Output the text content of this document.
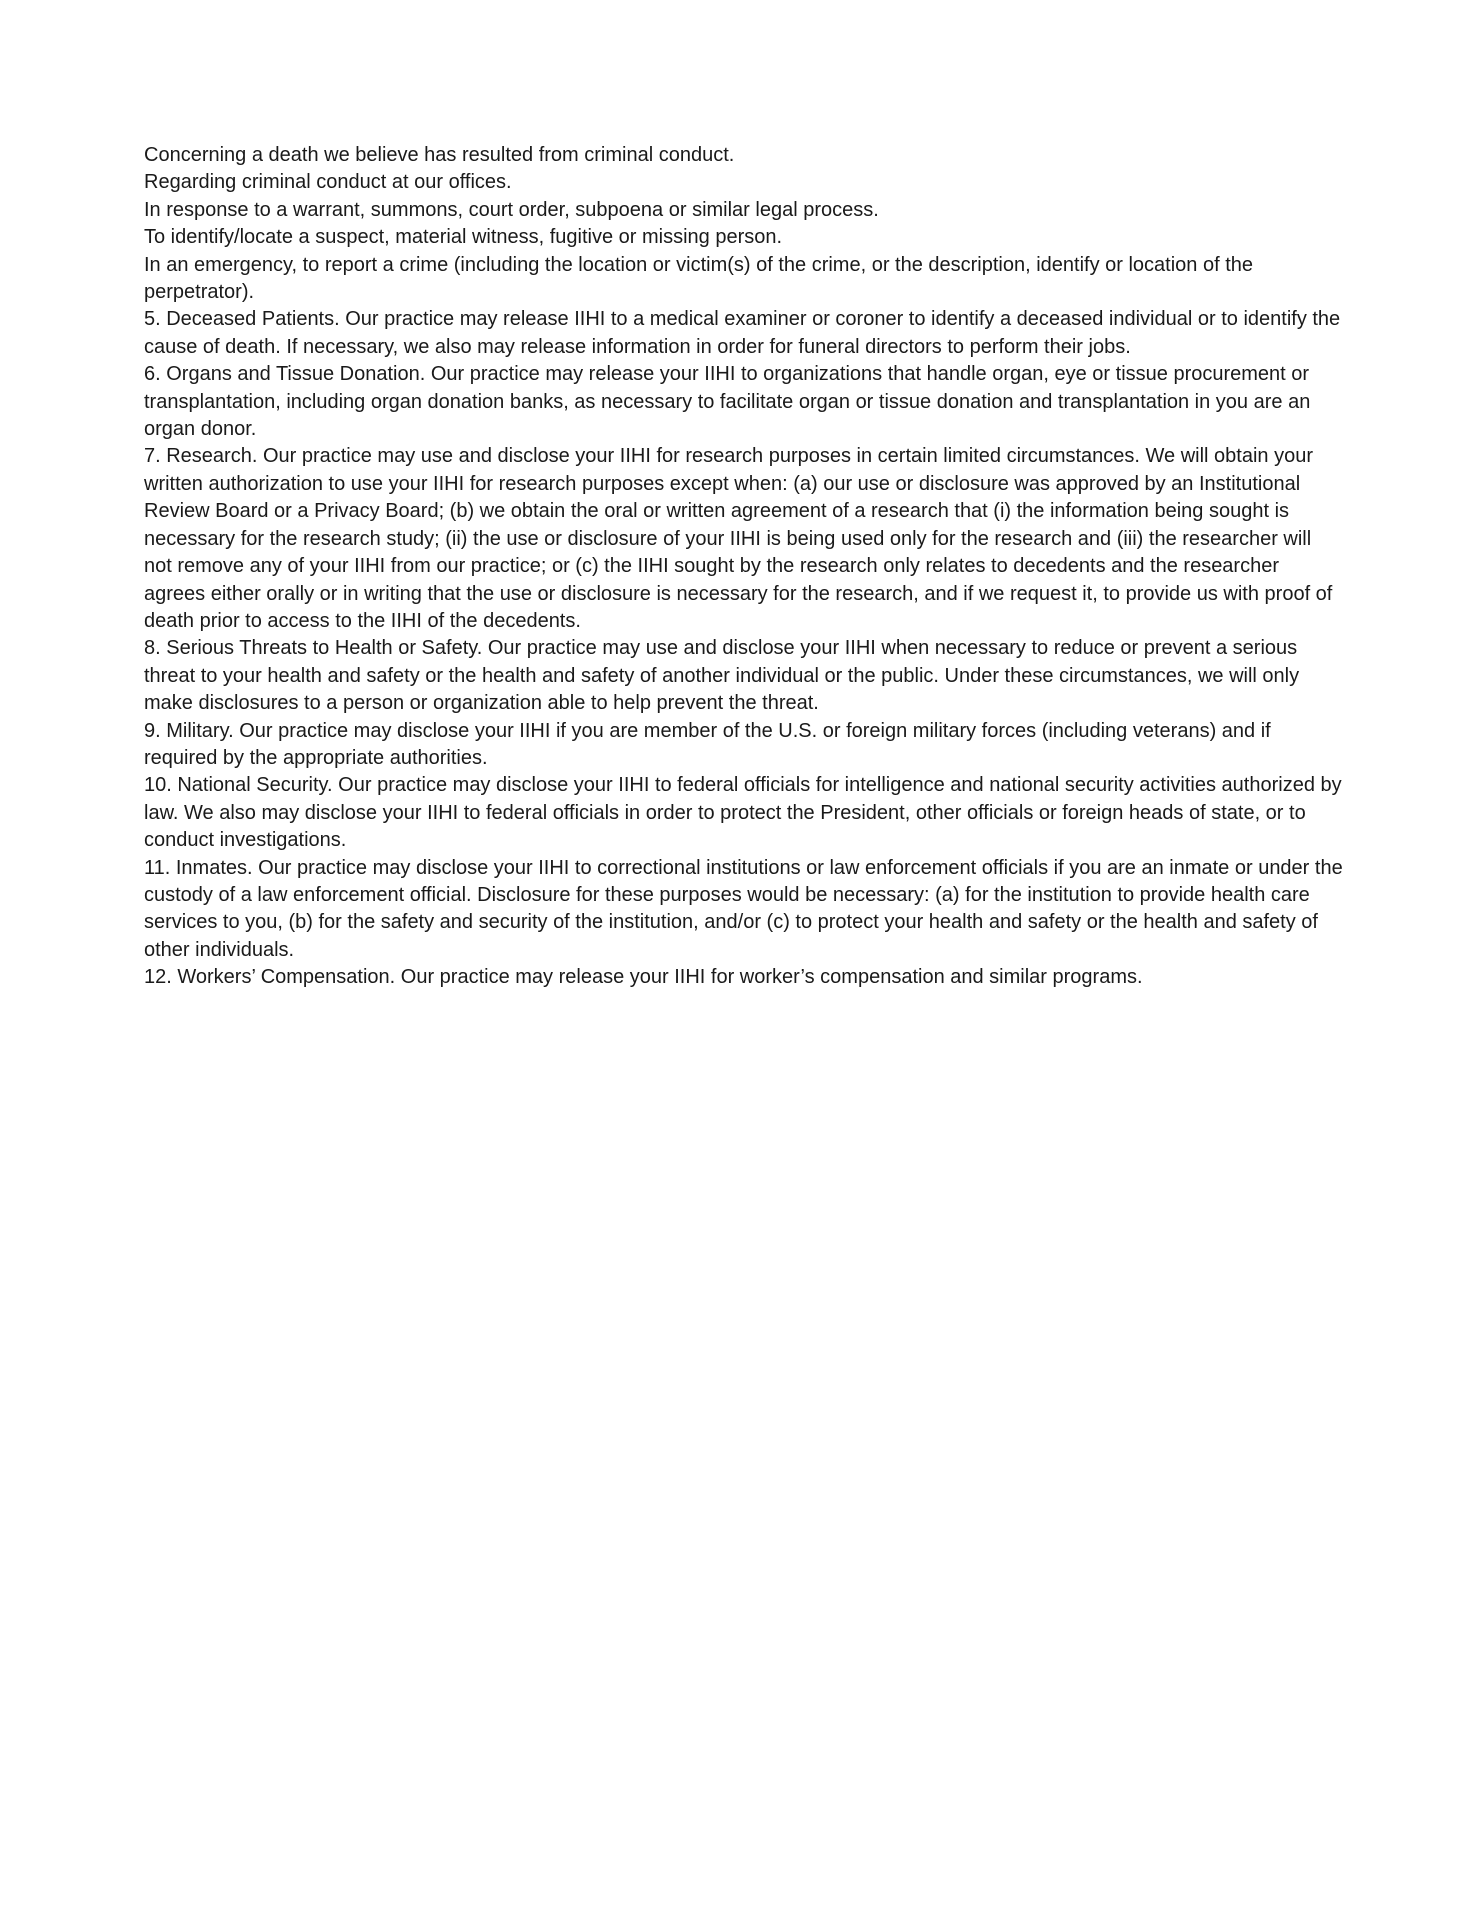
Concerning a death we believe has resulted from criminal conduct.

Regarding criminal conduct at our offices.

In response to a warrant, summons, court order, subpoena or similar legal process.

To identify/locate a suspect, material witness, fugitive or missing person.

In an emergency, to report a crime (including the location or victim(s) of the crime, or the description, identify or location of the perpetrator).

5. Deceased Patients. Our practice may release IIHI to a medical examiner or coroner to identify a deceased individual or to identify the cause of death. If necessary, we also may release information in order for funeral directors to perform their jobs.

6. Organs and Tissue Donation. Our practice may release your IIHI to organizations that handle organ, eye or tissue procurement or transplantation, including organ donation banks, as necessary to facilitate organ or tissue donation and transplantation in you are an organ donor.

7. Research. Our practice may use and disclose your IIHI for research purposes in certain limited circumstances. We will obtain your written authorization to use your IIHI for research purposes except when: (a) our use or disclosure was approved by an Institutional Review Board or a Privacy Board; (b) we obtain the oral or written agreement of a research that (i) the information being sought is necessary for the research study; (ii) the use or disclosure of your IIHI is being used only for the research and (iii) the researcher will not remove any of your IIHI from our practice; or (c) the IIHI sought by the research only relates to decedents and the researcher agrees either orally or in writing that the use or disclosure is necessary for the research, and if we request it, to provide us with proof of death prior to access to the IIHI of the decedents.

8. Serious Threats to Health or Safety. Our practice may use and disclose your IIHI when necessary to reduce or prevent a serious threat to your health and safety or the health and safety of another individual or the public. Under these circumstances, we will only make disclosures to a person or organization able to help prevent the threat.

9. Military. Our practice may disclose your IIHI if you are member of the U.S. or foreign military forces (including veterans) and if required by the appropriate authorities.

10. National Security. Our practice may disclose your IIHI to federal officials for intelligence and national security activities authorized by law. We also may disclose your IIHI to federal officials in order to protect the President, other officials or foreign heads of state, or to conduct investigations.

11. Inmates. Our practice may disclose your IIHI to correctional institutions or law enforcement officials if you are an inmate or under the custody of a law enforcement official. Disclosure for these purposes would be necessary: (a) for the institution to provide health care services to you, (b) for the safety and security of the institution, and/or (c) to protect your health and safety or the health and safety of other individuals.

12. Workers’ Compensation. Our practice may release your IIHI for worker’s compensation and similar programs.
